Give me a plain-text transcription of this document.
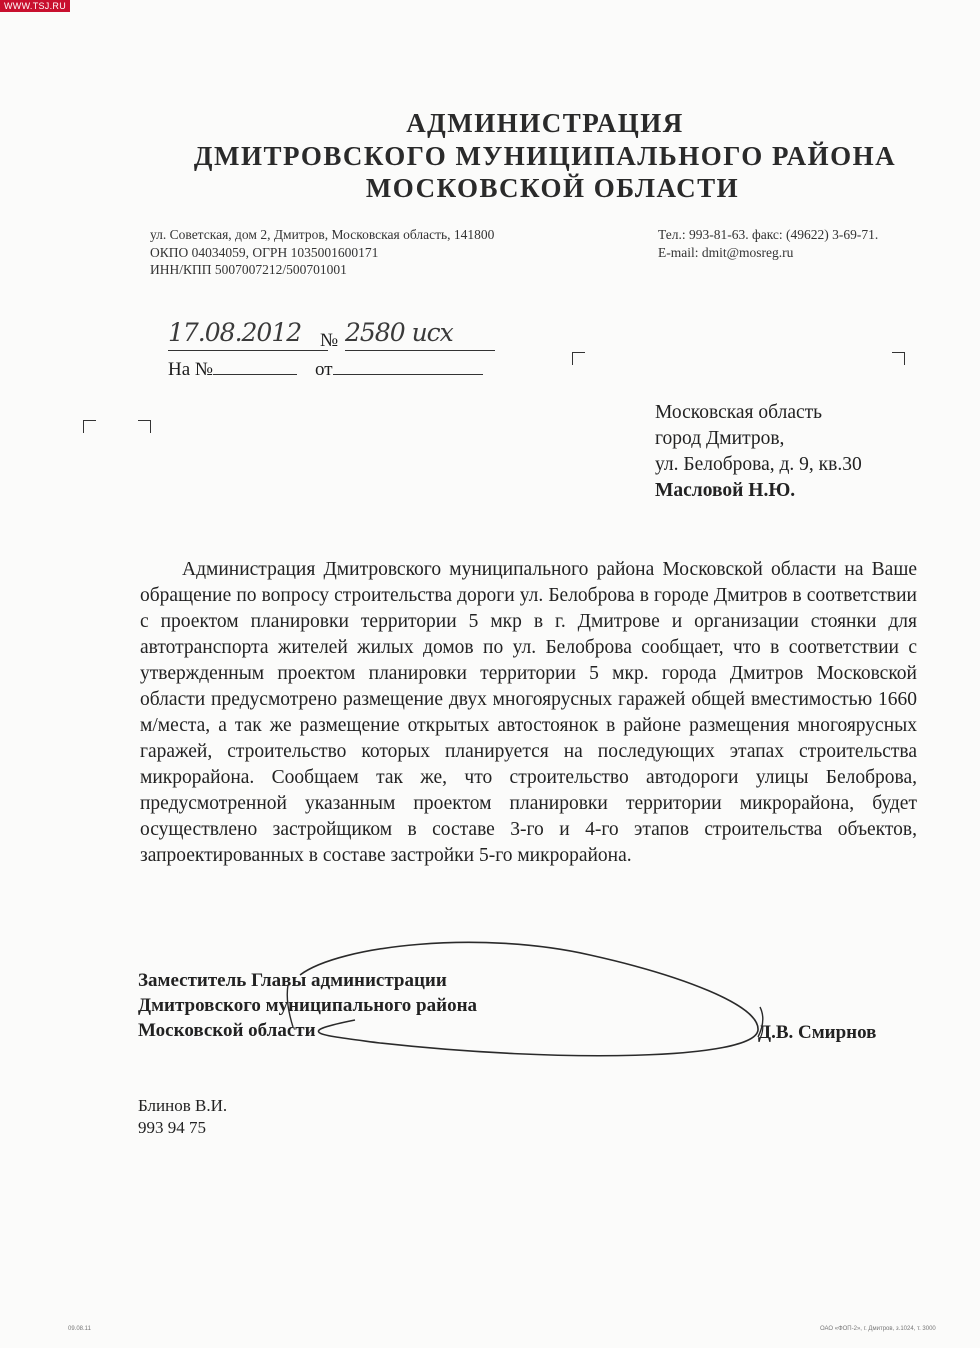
WWW.TSJ.RU
АДМИНИСТРАЦИЯ
ДМИТРОВСКОГО МУНИЦИПАЛЬНОГО РАЙОНА
МОСКОВСКОЙ ОБЛАСТИ
ул. Советская, дом 2, Дмитров, Московская область, 141800
ОКПО 04034059, ОГРН 1035001600171
ИНН/КПП 5007007212/500701001
Тел.: 993-81-63. факс: (49622) 3-69-71.
E-mail: dmit@mosreg.ru
17.08.2012 № 2580 исх
На №	от
Московская область
город Дмитров,
ул. Белоброва, д. 9, кв.30
Масловой Н.Ю.

Администрация Дмитровского муниципального района Московской области на Ваше обращение по вопросу строительства дороги ул. Белоброва в городе Дмитров в соответствии с проектом планировки территории 5 мкр в г. Дмитрове и организации стоянки для автотранспорта жителей жилых домов по ул. Белоброва сообщает, что в соответствии с утвержденным проектом планировки территории 5 мкр. города Дмитров Московской области предусмотрено размещение двух многоярусных гаражей общей вместимостью 1660 м/места, а так же размещение открытых автостоянок в районе размещения многоярусных гаражей, строительство которых планируется на последующих этапах строительства микрорайона. Сообщаем так же, что строительство автодороги улицы Белоброва, предусмотренной указанным проектом планировки территории микрорайона, будет осуществлено застройщиком в составе 3-го и 4-го этапов строительства объектов, запроектированных в составе застройки 5-го микрорайона.

Заместитель Главы администрации
Дмитровского муниципального района
Московской области	Д.В. Смирнов
Блинов В.И.
993 94 75
09.08.11	ОАО «ФОП-2», г. Дмитров, з.1024, т. 3000
